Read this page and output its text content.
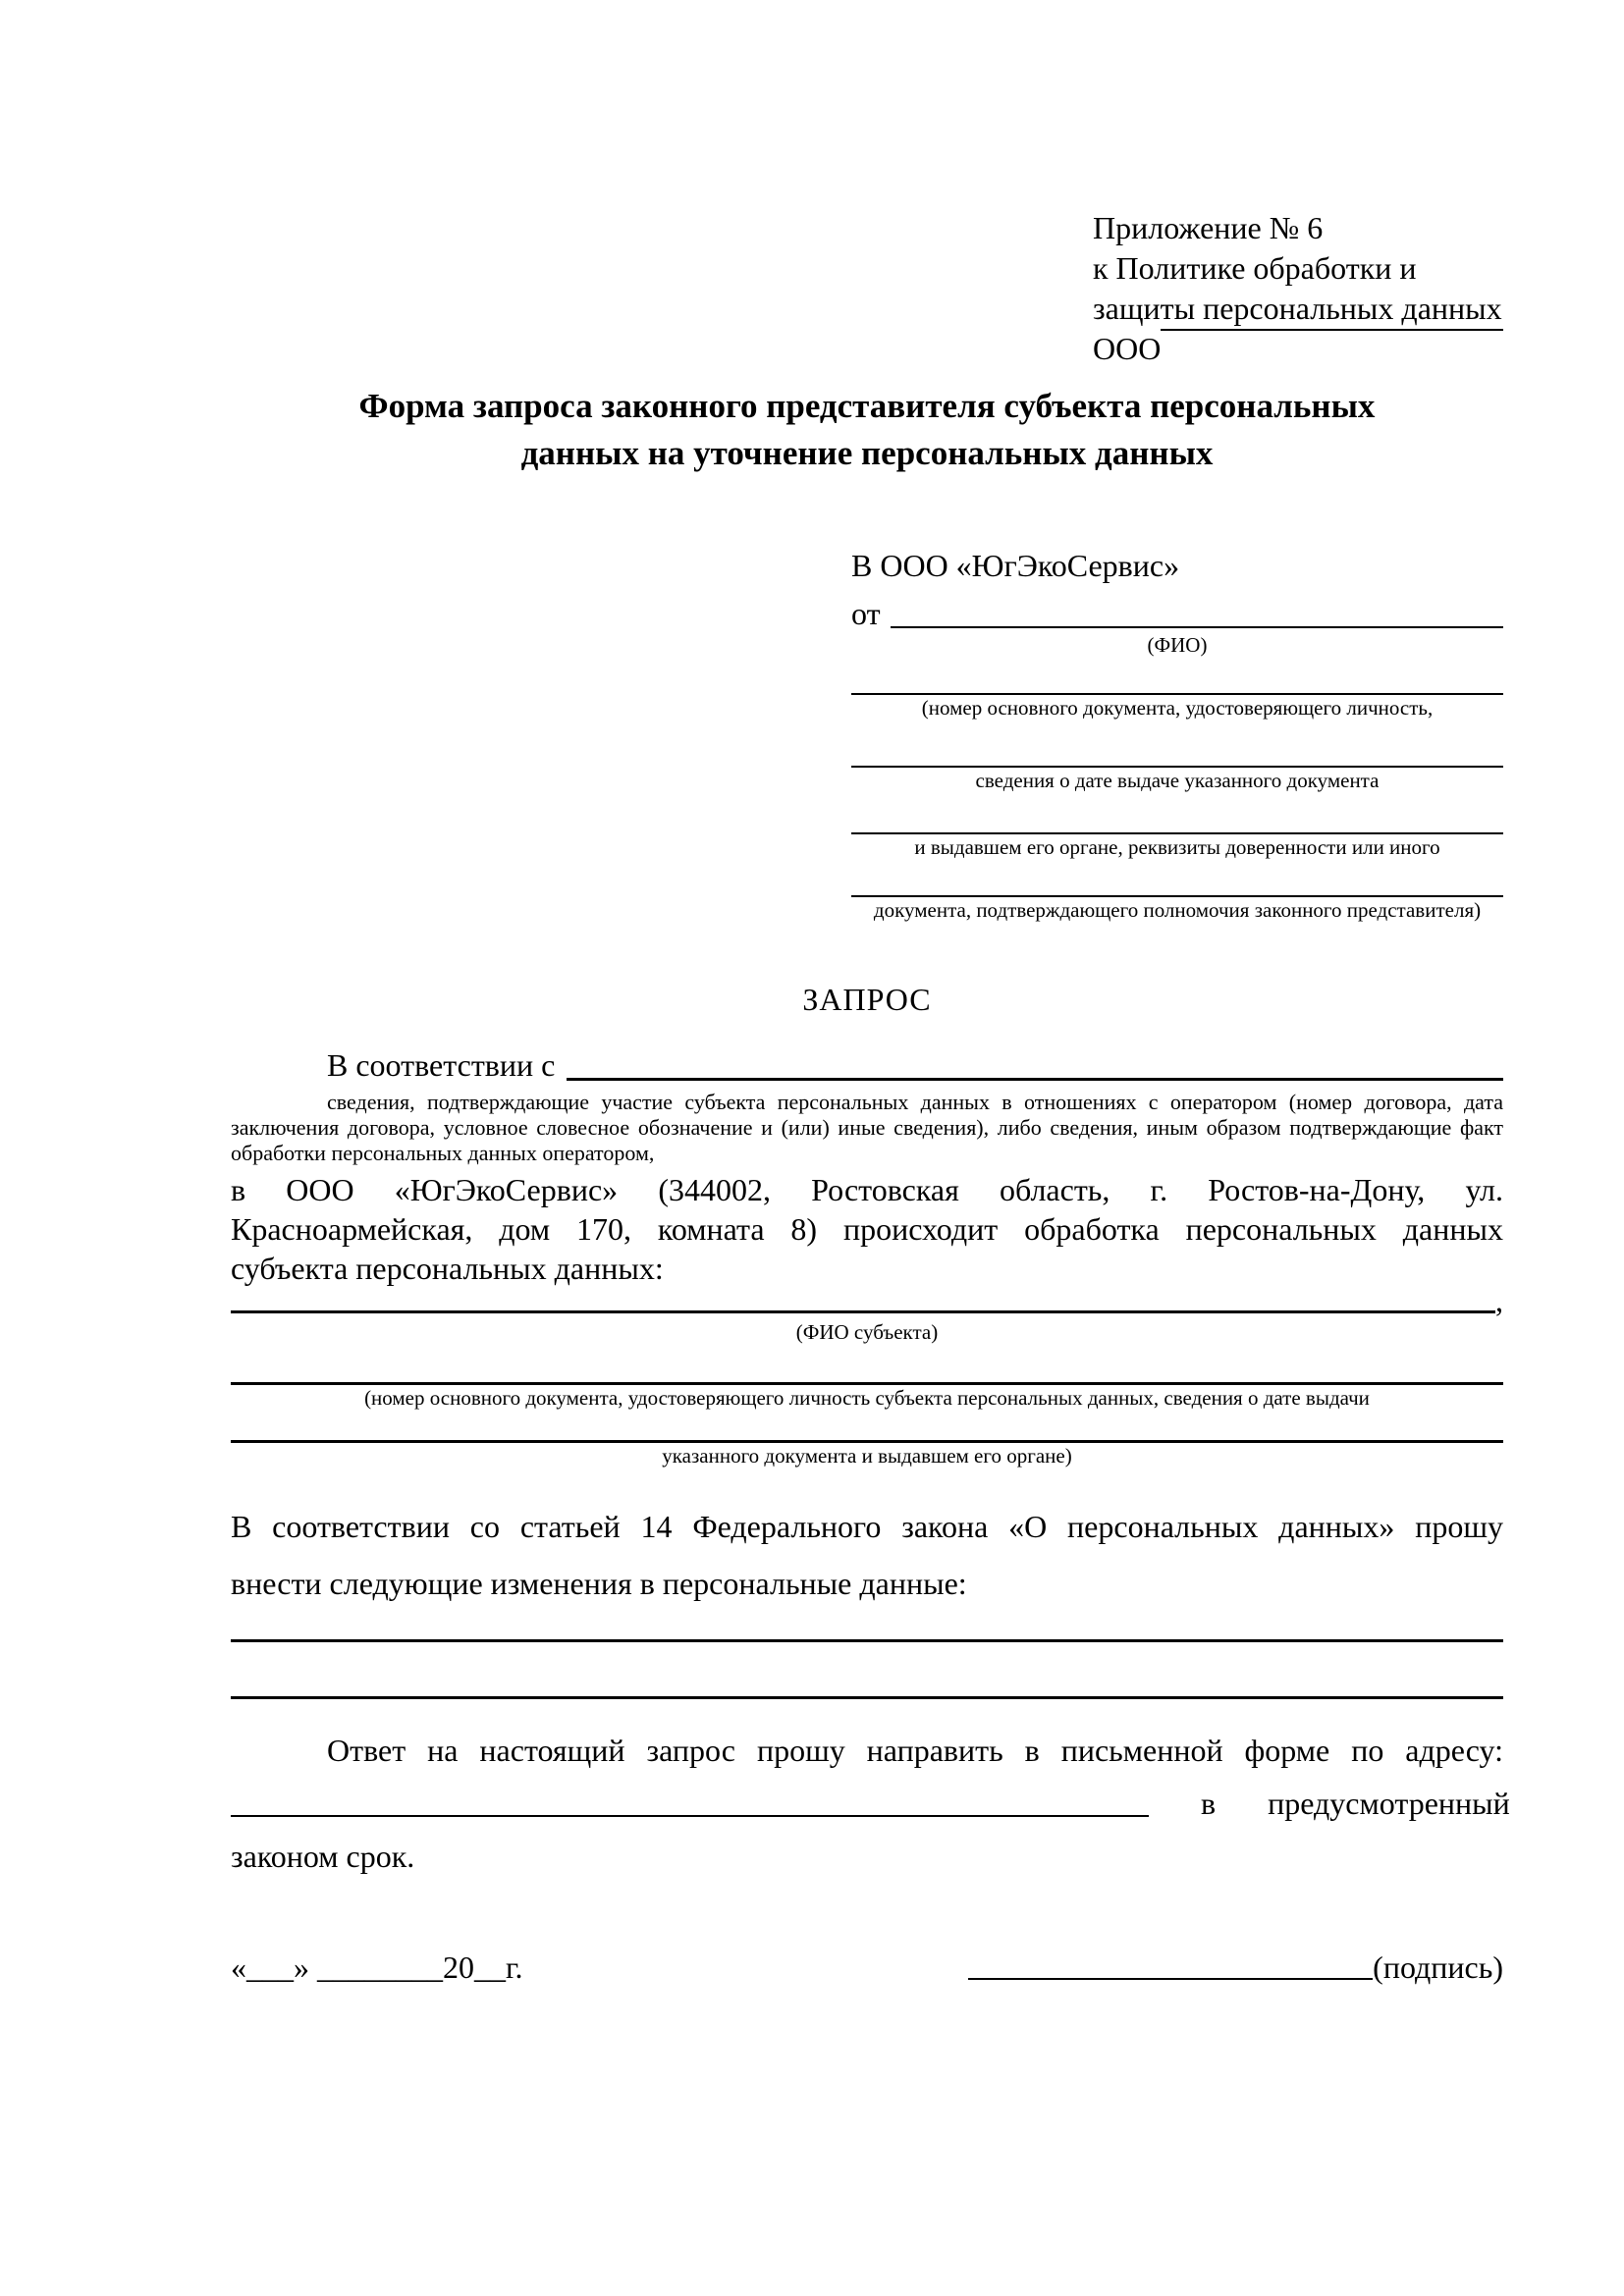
Приложение № 6
к Политике обработки и
защиты персональных данных
ООО
Форма запроса законного представителя субъекта персональных
данных на уточнение персональных данных
В ООО «ЮгЭкоСервис»
от
(ФИО)
(номер основного документа, удостоверяющего личность,
сведения о дате выдаче указанного документа
и выдавшем его органе, реквизиты доверенности или иного
документа, подтверждающего полномочия законного представителя)
ЗАПРОС
В соответствии с
сведения, подтверждающие участие субъекта персональных данных в отношениях с оператором (номер договора, дата
заключения договора, условное словесное обозначение и (или) иные сведения), либо сведения, иным образом подтверждающие факт
обработки персональных данных оператором,
в ООО «ЮгЭкоСервис» (344002, Ростовская область, г. Ростов-на-Дону, ул.
Красноармейская, дом 170, комната 8) происходит обработка персональных данных
субъекта персональных данных:
,
(ФИО субъекта)
(номер основного документа, удостоверяющего личность субъекта персональных данных, сведения о дате выдачи
указанного документа и выдавшем его органе)
В соответствии со статьей 14 Федерального закона «О персональных данных» прошу
внести следующие изменения в персональные данные:
Ответ на настоящий запрос прошу направить в письменной форме по адресу:
в предусмотренный
законом срок.
«___» ________20__г.	(подпись)
